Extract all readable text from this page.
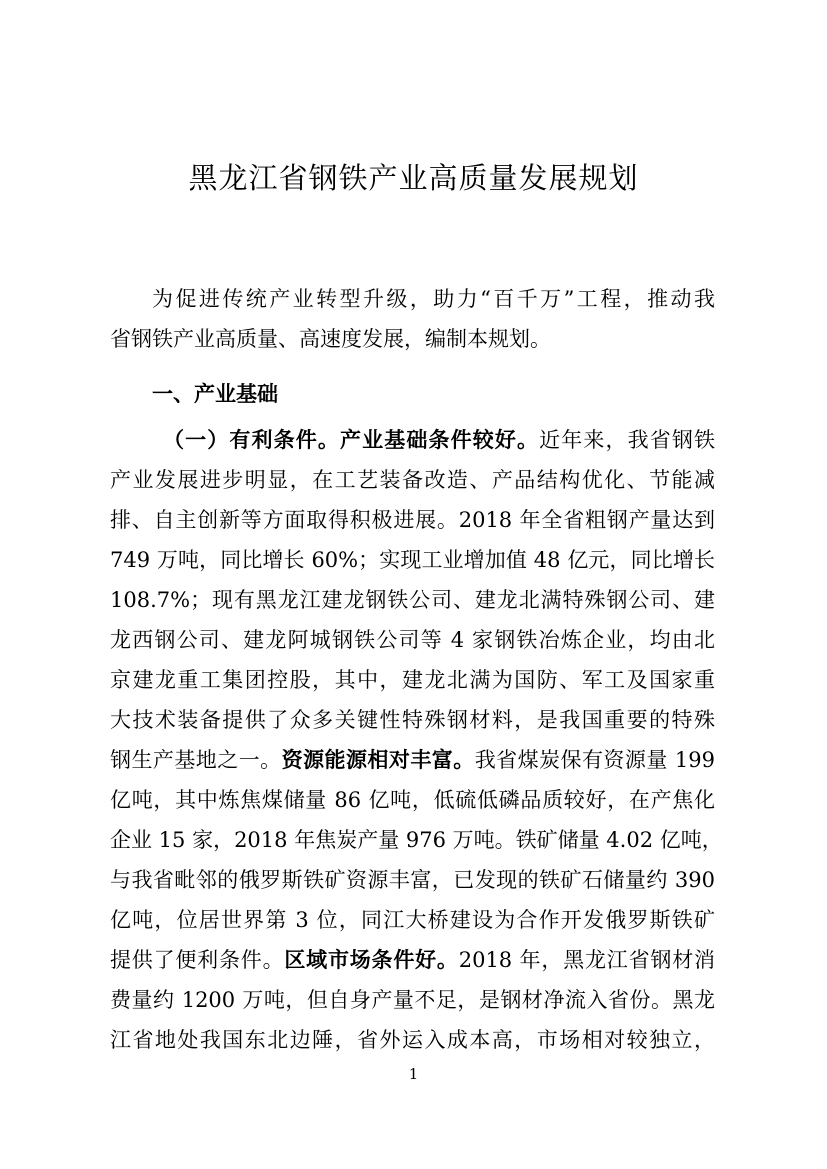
黑龙江省钢铁产业高质量发展规划
为促进传统产业转型升级，助力“百千万”工程，推动我
省钢铁产业高质量、高速度发展，编制本规划。
一、产业基础
（一）有利条件。产业基础条件较好。近年来，我省钢铁
产业发展进步明显，在工艺装备改造、产品结构优化、节能减
排、自主创新等方面取得积极进展。2018 年全省粗钢产量达到
749 万吨，同比增长 60%；实现工业增加值 48 亿元，同比增长
108.7%；现有黑龙江建龙钢铁公司、建龙北满特殊钢公司、建
龙西钢公司、建龙阿城钢铁公司等 4 家钢铁冶炼企业，均由北
京建龙重工集团控股，其中，建龙北满为国防、军工及国家重
大技术装备提供了众多关键性特殊钢材料，是我国重要的特殊
钢生产基地之一。资源能源相对丰富。我省煤炭保有资源量 199
亿吨，其中炼焦煤储量 86 亿吨，低硫低磷品质较好，在产焦化
企业 15 家，2018 年焦炭产量 976 万吨。铁矿储量 4.02 亿吨，
与我省毗邻的俄罗斯铁矿资源丰富，已发现的铁矿石储量约 390
亿吨，位居世界第 3 位，同江大桥建设为合作开发俄罗斯铁矿
提供了便利条件。区域市场条件好。2018 年，黑龙江省钢材消
费量约 1200 万吨，但自身产量不足，是钢材净流入省份。黑龙
江省地处我国东北边陲，省外运入成本高，市场相对较独立，
1
